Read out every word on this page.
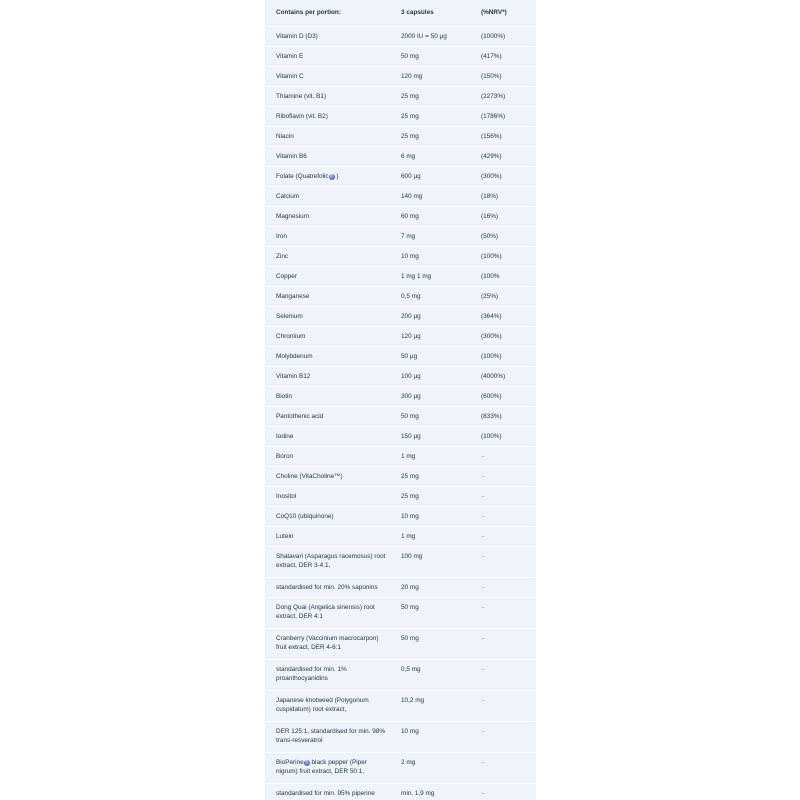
Contains per portion:	3 capsules	(%NRV*)
Vitamin D (D3)	2000 IU = 50 µg	(1000%)
Vitamin E	50 mg	(417%)
Vitamin C	120 mg	(150%)
Thiamine (vit. B1)	25 mg	(2273%)
Riboflavin (vit. B2)	25 mg	(1786%)
Niacin	25 mg	(156%)
Vitamin B6	6 mg	(429%)
Folate (Quatrefolic® )	600 µg	(300%)
Calcium	140 mg	(18%)
Magnesium	60 mg	(16%)
Iron	7 mg	(50%)
Zinc	10 mg	(100%)
Copper	1 mg 1 mg	(100%
Manganese	0,5 mg	(25%)
Selenium	200 µg	(364%)
Chromium	120 µg	(300%)
Molybdenum	50 µg	(100%)
Vitamin B12	100 µg	(4000%)
Biotin	300 µg	(600%)
Pantothenic acid	50 mg	(833%)
Iodine	150 µg	(100%)
Boron	1 mg	–
Choline (VitaCholine™)	25 mg	–
Inositol	25 mg	–
CoQ10 (ubiquinone)	10 mg	–
Lutein	1 mg	–
Shatavari (Asparagus racemosus) root extract, DER 3-4:1,	100 mg	–
standardised for min. 20% saponins	20 mg	–
Dong Quai (Angelica sinensis) root extract, DER 4:1	50 mg	–
Cranberry (Vaccinium macrocarpon) fruit extract, DER 4-6:1	50 mg	–
standardised for min. 1% proanthocyanidins	0,5 mg	–
Japanese knotweed (Polygonum cuspidatum) root extract,	10,2 mg	–
DER 125:1, standardised for min. 98% trans-resveratrol	10 mg	–
BioPerine® black pepper (Piper nigrum) fruit extract, DER 50:1,	2 mg	–
standardised for min. 95% piperine	min. 1,9 mg	–
